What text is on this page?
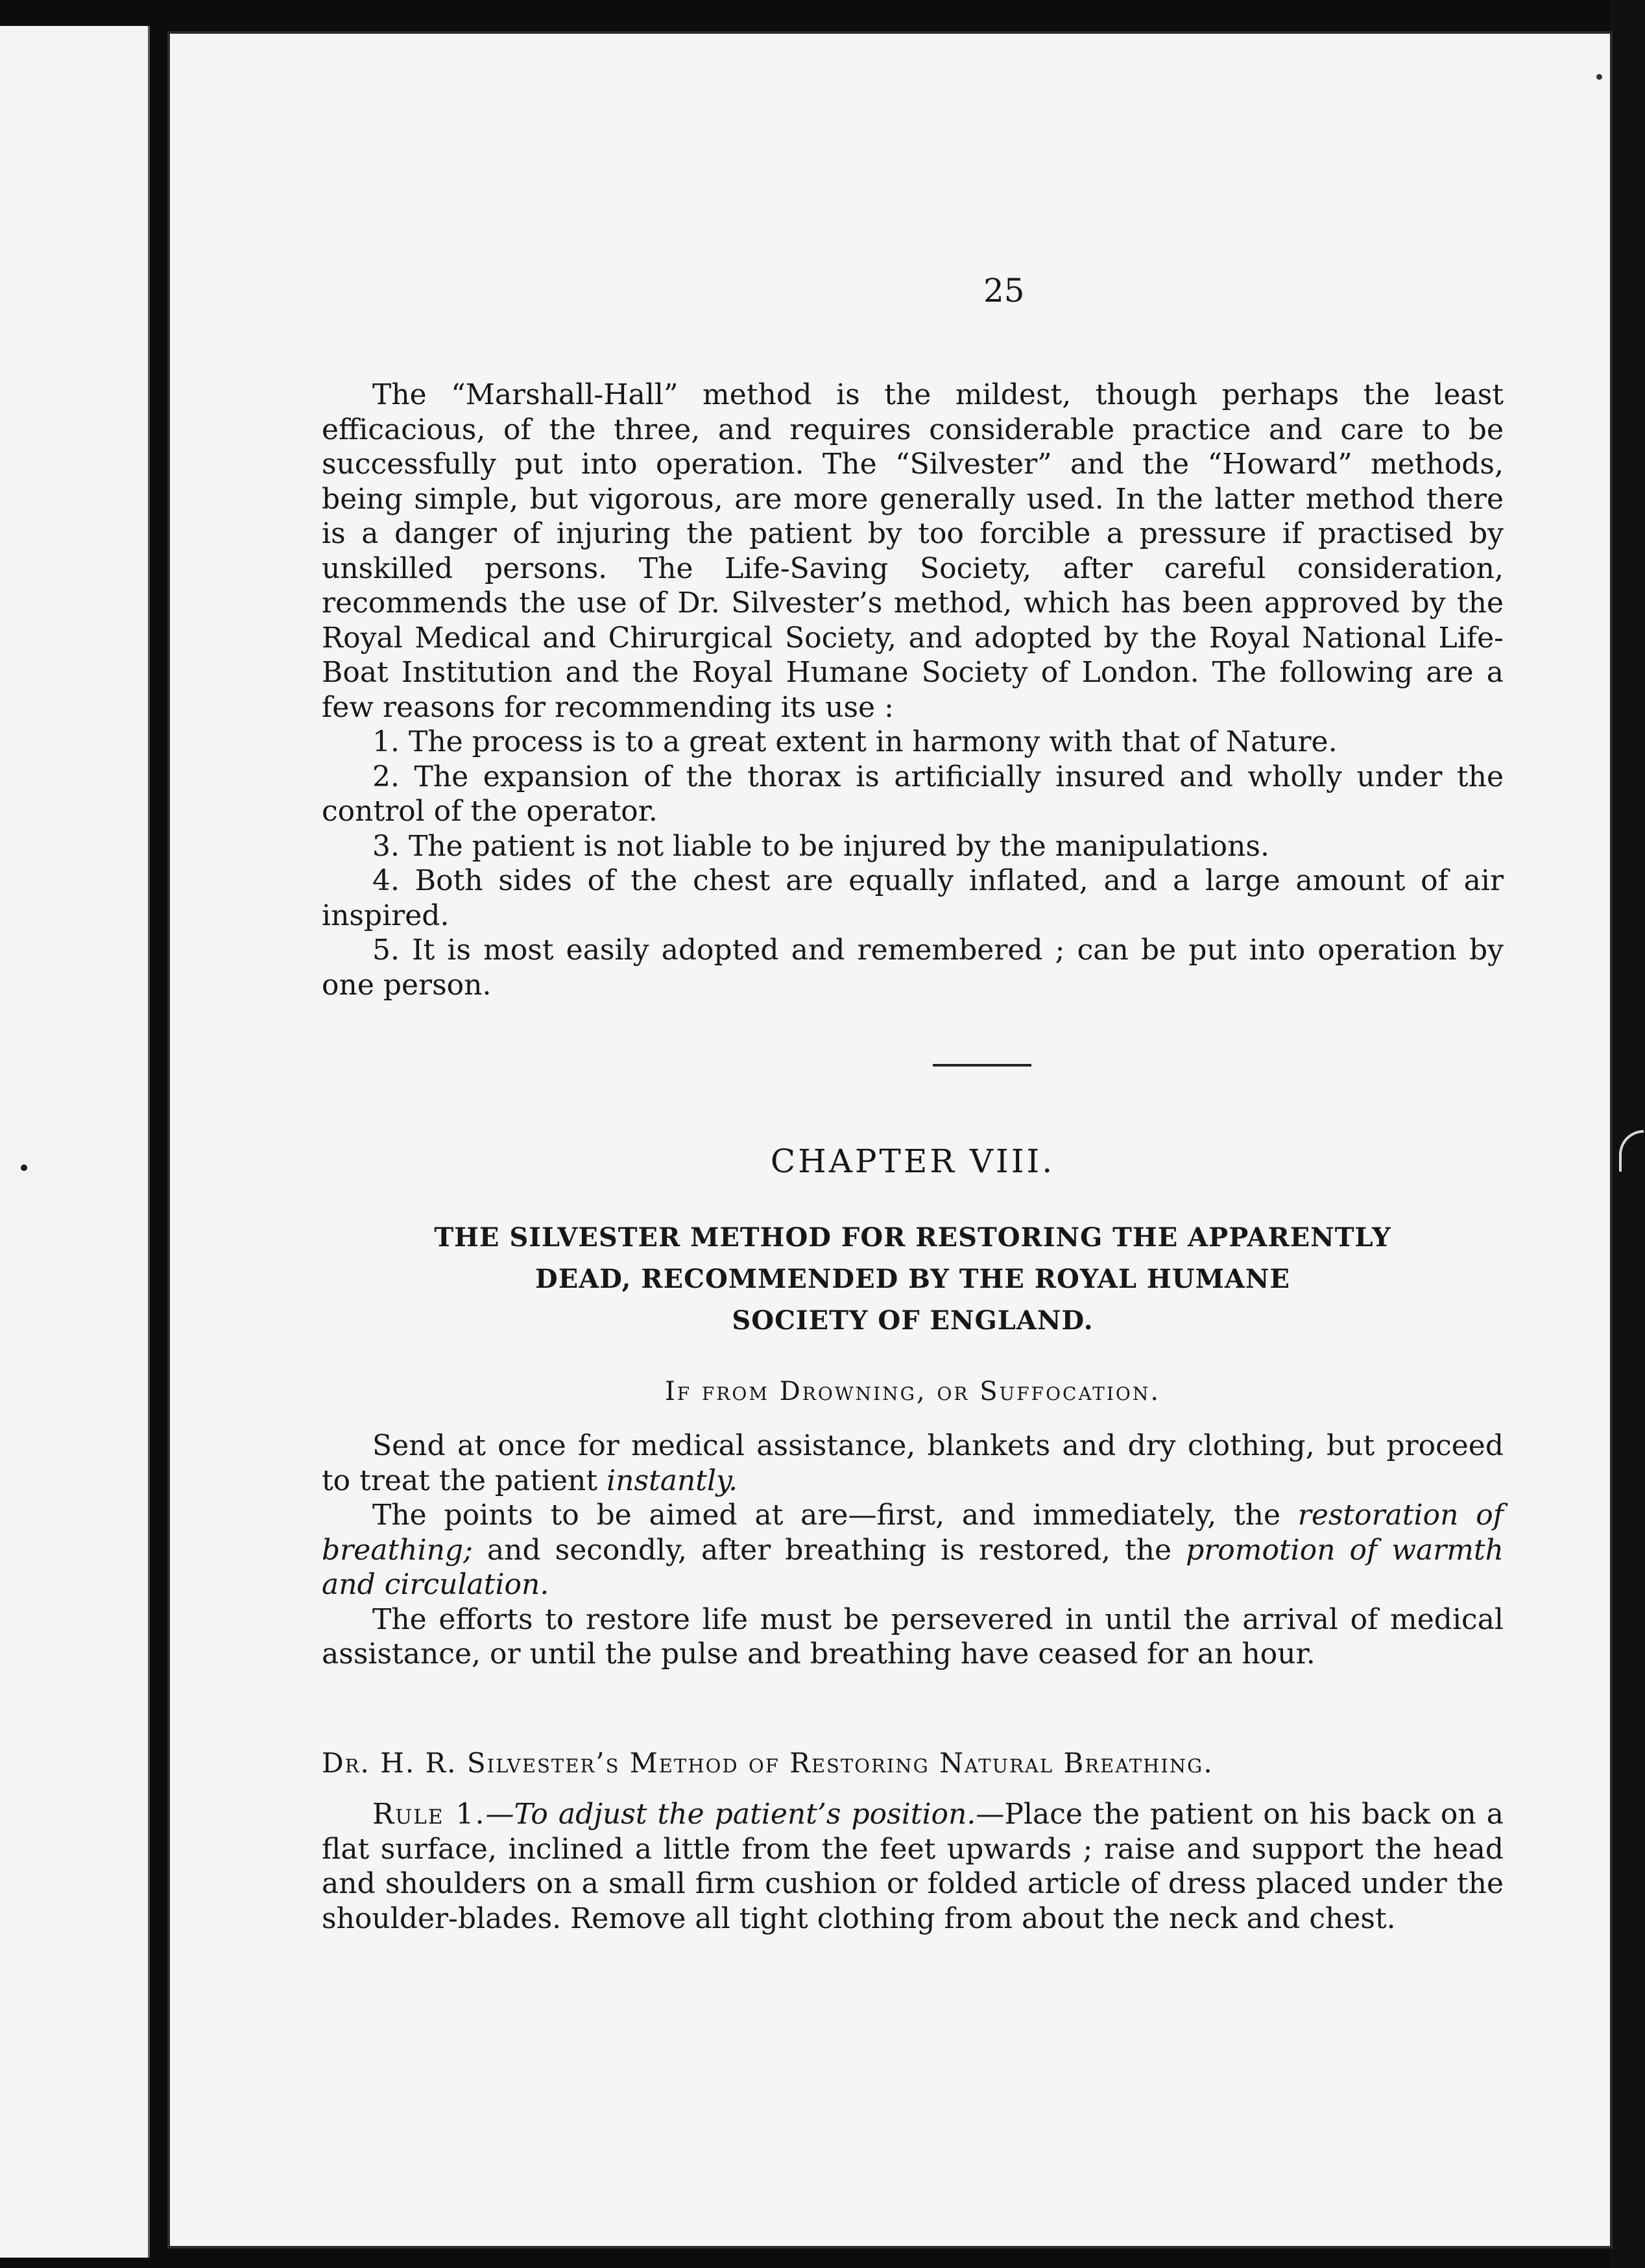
25

The “Marshall-Hall” method is the mildest, though perhaps the least efficacious, of the three, and requires considerable practice and care to be successfully put into operation. The “Silvester” and the “Howard” methods, being simple, but vigorous, are more generally used. In the latter method there is a danger of injuring the patient by too forcible a pressure if practised by unskilled persons. The Life-Saving Society, after careful consideration, recommends the use of Dr. Silvester’s method, which has been approved by the Royal Medical and Chirurgical Society, and adopted by the Royal National Life-Boat Institution and the Royal Humane Society of London. The following are a few reasons for recommending its use :

1. The process is to a great extent in harmony with that of Nature.

2. The expansion of the thorax is artificially insured and wholly under the control of the operator.

3. The patient is not liable to be injured by the manipulations.

4. Both sides of the chest are equally inflated, and a large amount of air inspired.

5. It is most easily adopted and remembered ; can be put into operation by one person.

CHAPTER VIII.
THE SILVESTER METHOD FOR RESTORING THE APPARENTLY
DEAD, RECOMMENDED BY THE ROYAL HUMANE
SOCIETY OF ENGLAND.
If from Drowning, or Suffocation.

Send at once for medical assistance, blankets and dry clothing, but proceed to treat the patient instantly.

The points to be aimed at are—first, and immediately, the restoration of breathing; and secondly, after breathing is restored, the promotion of warmth and circulation.

The efforts to restore life must be persevered in until the arrival of medical assistance, or until the pulse and breathing have ceased for an hour.

Dr. H. R. Silvester’s Method of Restoring Natural Breathing.

Rule 1.—To adjust the patient’s position.—Place the patient on his back on a flat surface, inclined a little from the feet upwards ; raise and support the head and shoulders on a small firm cushion or folded article of dress placed under the shoulder-blades. Remove all tight clothing from about the neck and chest.
